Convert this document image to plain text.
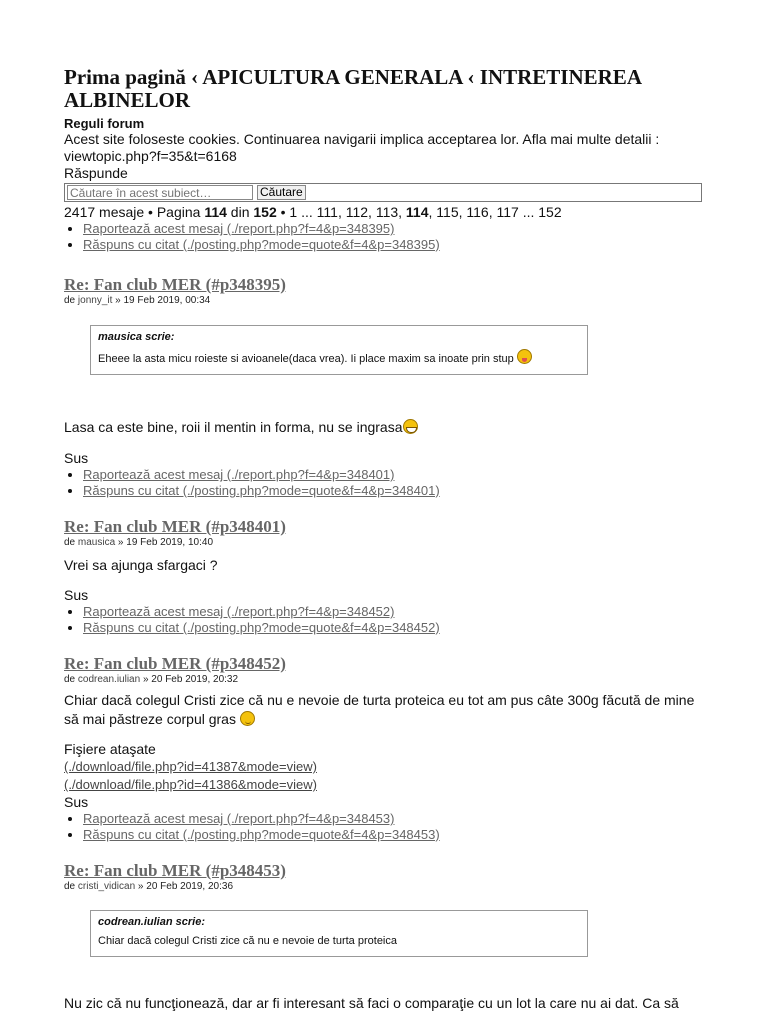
Prima pagină ‹ APICULTURA GENERALA ‹ INTRETINEREA ALBINELOR
Reguli forum
Acest site foloseste cookies. Continuarea navigarii implica acceptarea lor. Afla mai multe detalii : viewtopic.php?f=35&t=6168
Răspunde
Căutare în acest subiect…
Căutare
2417 mesaje • Pagina 114 din 152 • 1 ... 111, 112, 113, 114, 115, 116, 117 ... 152
• Raportează acest mesaj (./report.php?f=4&p=348395)
• Răspuns cu citat (./posting.php?mode=quote&f=4&p=348395)
Re: Fan club MER (#p348395)
de jonny_it » 19 Feb 2019, 00:34
mausica scrie:
Eheee la asta micu roieste si avioanele(daca vrea). Ii place maxim sa inoate prin stup
Lasa ca este bine, roii il mentin in forma, nu se ingrasa
Sus
• Raportează acest mesaj (./report.php?f=4&p=348401)
• Răspuns cu citat (./posting.php?mode=quote&f=4&p=348401)
Re: Fan club MER (#p348401)
de mausica » 19 Feb 2019, 10:40
Vrei sa ajunga sfargaci ?
Sus
• Raportează acest mesaj (./report.php?f=4&p=348452)
• Răspuns cu citat (./posting.php?mode=quote&f=4&p=348452)
Re: Fan club MER (#p348452)
de codrean.iulian » 20 Feb 2019, 20:32
Chiar dacă colegul Cristi zice că nu e nevoie de turta proteica eu tot am pus câte 300g făcută de mine să mai păstreze corpul gras
Fişiere ataşate
(./download/file.php?id=41387&mode=view)
(./download/file.php?id=41386&mode=view)
Sus
• Raportează acest mesaj (./report.php?f=4&p=348453)
• Răspuns cu citat (./posting.php?mode=quote&f=4&p=348453)
Re: Fan club MER (#p348453)
de cristi_vidican » 20 Feb 2019, 20:36
codrean.iulian scrie:
Chiar dacă colegul Cristi zice că nu e nevoie de turta proteica
Nu zic că nu funcţionează, dar ar fi interesant să faci o comparaţie cu un lot la care nu ai dat. Ca să
